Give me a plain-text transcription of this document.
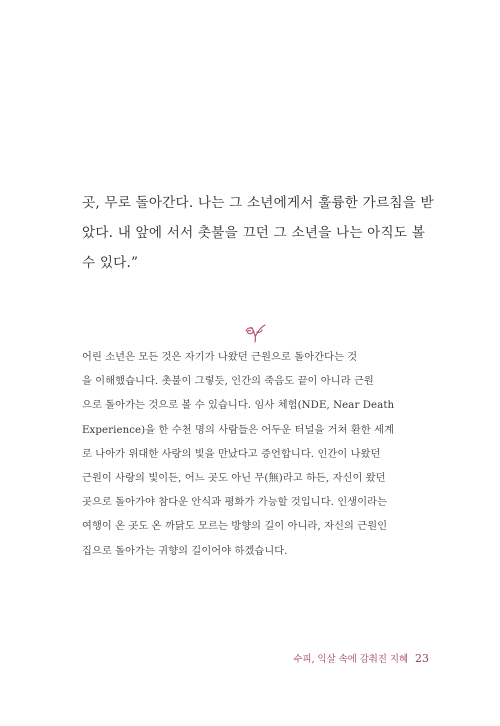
곳, 무로 돌아간다. 나는 그 소년에게서 훌륭한 가르침을 받
았다. 내 앞에 서서 촛불을 끄던 그 소년을 나는 아직도 볼
수 있다.”
어린 소년은 모든 것은 자기가 나왔던 근원으로 돌아간다는 것
을 이해했습니다. 촛불이 그렇듯, 인간의 죽음도 끝이 아니라 근원
으로 돌아가는 것으로 볼 수 있습니다. 임사 체험(NDE, Near Death
Experience)을 한 수천 명의 사람들은 어두운 터널을 거쳐 환한 세계
로 나아가 위대한 사랑의 빛을 만났다고 증언합니다. 인간이 나왔던
근원이 사랑의 빛이든, 어느 곳도 아닌 무(無)라고 하든, 자신이 왔던
곳으로 돌아가야 참다운 안식과 평화가 가능할 것입니다. 인생이라는
여행이 온 곳도 온 까닭도 모르는 방향의 길이 아니라, 자신의 근원인
집으로 돌아가는 귀향의 길이어야 하겠습니다.
수피, 익살 속에 감춰진 지혜 23
